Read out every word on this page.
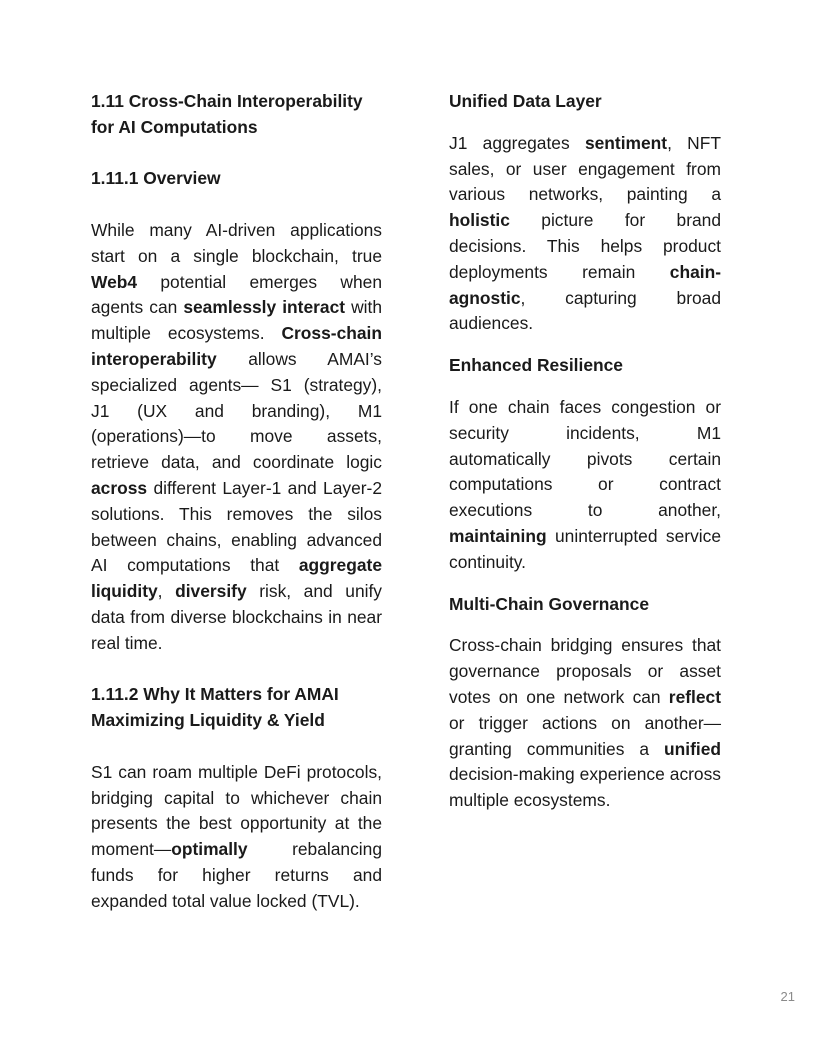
1.11 Cross-Chain Interoperability for AI Computations
1.11.1 Overview

While many AI-driven applications start on a single blockchain, true Web4 potential emerges when agents can seamlessly interact with multiple ecosystems. Cross-chain interoperability allows AMAI’s specialized agents— S1 (strategy), J1 (UX and branding), M1 (operations)—to move assets, retrieve data, and coordinate logic across different Layer-1 and Layer-2 solutions. This removes the silos between chains, enabling advanced AI computations that aggregate liquidity, diversify risk, and unify data from diverse blockchains in near real time.

1.11.2 Why It Matters for AMAI
Maximizing Liquidity & Yield

S1 can roam multiple DeFi protocols, bridging capital to whichever chain presents the best opportunity at the moment—optimally rebalancing funds for higher returns and expanded total value locked (TVL).

Unified Data Layer

J1 aggregates sentiment, NFT sales, or user engagement from various networks, painting a holistic picture for brand decisions. This helps product deployments remain chain-agnostic, capturing broad audiences.

Enhanced Resilience

If one chain faces congestion or security incidents, M1 automatically pivots certain computations or contract executions to another, maintaining uninterrupted service continuity.

Multi-Chain Governance

Cross-chain bridging ensures that governance proposals or asset votes on one network can reflect or trigger actions on another—granting communities a unified decision-making experience across multiple ecosystems.

21
